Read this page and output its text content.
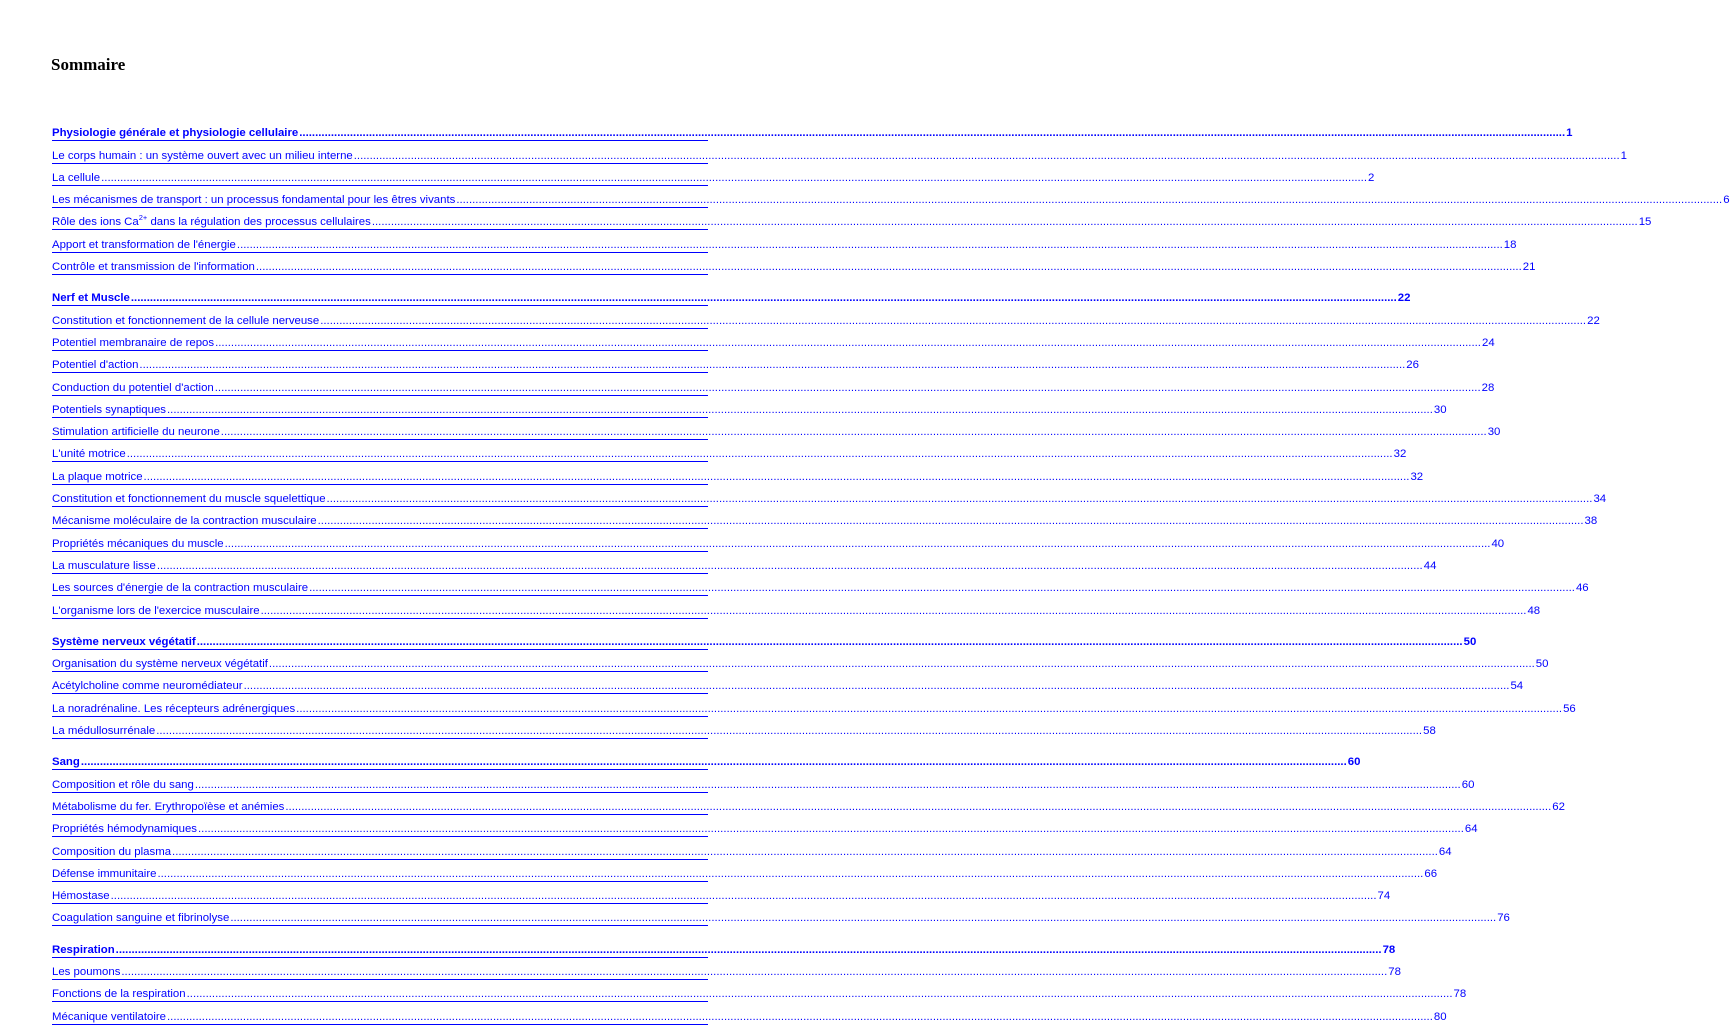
Sommaire
Physiologie générale et physiologie cellulaire ................................................................................................................................................................................................................................................................................................................................................................................................................ 1
Le corps humain : un système ouvert avec un milieu interne ................................................................................................................................................................................................................................................................................................................................................................................................................ 1
La cellule ................................................................................................................................................................................................................................................................................................................................................................................................................ 2
Les mécanismes de transport : un processus fondamental pour les êtres vivants ................................................................................................................................................................................................................................................................................................................................................................................................................ 6
Rôle des ions $Ca^{2+}$ dans la régulation des processus cellulaires ................................................................................................................................................................................................................................................................................................................................................................................................................ 15
Apport et transformation de l'énergie ................................................................................................................................................................................................................................................................................................................................................................................................................ 18
Contrôle et transmission de l'information ................................................................................................................................................................................................................................................................................................................................................................................................................ 21
Nerf et Muscle ................................................................................................................................................................................................................................................................................................................................................................................................................ 22
Constitution et fonctionnement de la cellule nerveuse ................................................................................................................................................................................................................................................................................................................................................................................................................ 22
Potentiel membranaire de repos ................................................................................................................................................................................................................................................................................................................................................................................................................ 24
Potentiel d'action ................................................................................................................................................................................................................................................................................................................................................................................................................ 26
Conduction du potentiel d'action ................................................................................................................................................................................................................................................................................................................................................................................................................ 28
Potentiels synaptiques ................................................................................................................................................................................................................................................................................................................................................................................................................ 30
Stimulation artificielle du neurone ................................................................................................................................................................................................................................................................................................................................................................................................................ 30
L'unité motrice ................................................................................................................................................................................................................................................................................................................................................................................................................ 32
La plaque motrice ................................................................................................................................................................................................................................................................................................................................................................................................................ 32
Constitution et fonctionnement du muscle squelettique ................................................................................................................................................................................................................................................................................................................................................................................................................ 34
Mécanisme moléculaire de la contraction musculaire ................................................................................................................................................................................................................................................................................................................................................................................................................ 38
Propriétés mécaniques du muscle ................................................................................................................................................................................................................................................................................................................................................................................................................ 40
La musculature lisse ................................................................................................................................................................................................................................................................................................................................................................................................................ 44
Les sources d'énergie de la contraction musculaire ................................................................................................................................................................................................................................................................................................................................................................................................................ 46
L'organisme lors de l'exercice musculaire ................................................................................................................................................................................................................................................................................................................................................................................................................ 48
Système nerveux végétatif ................................................................................................................................................................................................................................................................................................................................................................................................................ 50
Organisation du système nerveux végétatif ................................................................................................................................................................................................................................................................................................................................................................................................................ 50
Acétylcholine comme neuromédiateur ................................................................................................................................................................................................................................................................................................................................................................................................................ 54
La noradrénaline. Les récepteurs adrénergiques ................................................................................................................................................................................................................................................................................................................................................................................................................ 56
La médullosurrénale ................................................................................................................................................................................................................................................................................................................................................................................................................ 58
Sang ................................................................................................................................................................................................................................................................................................................................................................................................................ 60
Composition et rôle du sang ................................................................................................................................................................................................................................................................................................................................................................................................................ 60
Métabolisme du fer. Erythropoïèse et anémies ................................................................................................................................................................................................................................................................................................................................................................................................................ 62
Propriétés hémodynamiques ................................................................................................................................................................................................................................................................................................................................................................................................................ 64
Composition du plasma ................................................................................................................................................................................................................................................................................................................................................................................................................ 64
Défense immunitaire ................................................................................................................................................................................................................................................................................................................................................................................................................ 66
Hémostase ................................................................................................................................................................................................................................................................................................................................................................................................................ 74
Coagulation sanguine et fibrinolyse ................................................................................................................................................................................................................................................................................................................................................................................................................ 76
Respiration ................................................................................................................................................................................................................................................................................................................................................................................................................ 78
Les poumons ................................................................................................................................................................................................................................................................................................................................................................................................................ 78
Fonctions de la respiration ................................................................................................................................................................................................................................................................................................................................................................................................................ 78
Mécanique ventilatoire ................................................................................................................................................................................................................................................................................................................................................................................................................ 80
